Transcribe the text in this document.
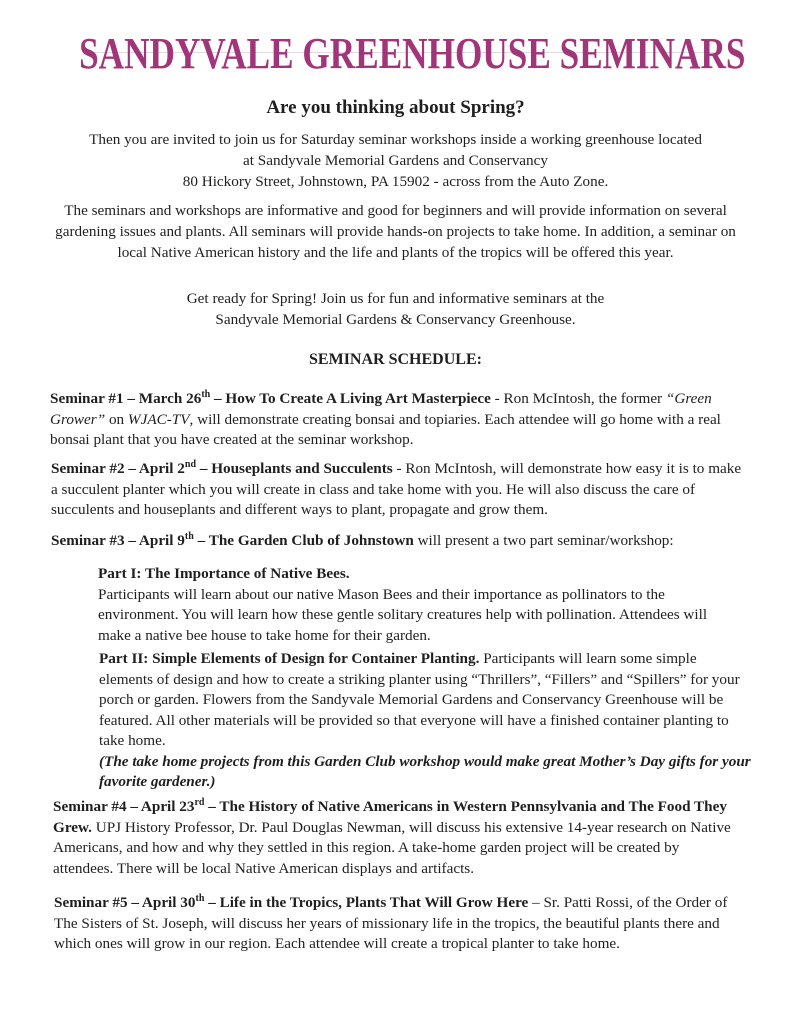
SANDYVALE GREENHOUSE SEMINARS
Are you thinking about Spring?
Then you are invited to join us for Saturday seminar workshops inside a working greenhouse located
at Sandyvale Memorial Gardens and Conservancy
80 Hickory Street, Johnstown, PA 15902 - across from the Auto Zone.
The seminars and workshops are informative and good for beginners and will provide information on several gardening issues and plants. All seminars will provide hands-on projects to take home. In addition, a seminar on local Native American history and the life and plants of the tropics will be offered this year.
Get ready for Spring! Join us for fun and informative seminars at the
Sandyvale Memorial Gardens & Conservancy Greenhouse.
SEMINAR SCHEDULE:
Seminar #1 – March 26th – How To Create A Living Art Masterpiece - Ron McIntosh, the former “Green Grower” on WJAC-TV, will demonstrate creating bonsai and topiaries. Each attendee will go home with a real bonsai plant that you have created at the seminar workshop.
Seminar #2 – April 2nd – Houseplants and Succulents - Ron McIntosh, will demonstrate how easy it is to make a succulent planter which you will create in class and take home with you. He will also discuss the care of succulents and houseplants and different ways to plant, propagate and grow them.
Seminar #3 – April 9th – The Garden Club of Johnstown will present a two part seminar/workshop:
Part I: The Importance of Native Bees.
Participants will learn about our native Mason Bees and their importance as pollinators to the environment. You will learn how these gentle solitary creatures help with pollination. Attendees will make a native bee house to take home for their garden.
Part II: Simple Elements of Design for Container Planting. Participants will learn some simple elements of design and how to create a striking planter using “Thrillers”, “Fillers” and “Spillers” for your porch or garden. Flowers from the Sandyvale Memorial Gardens and Conservancy Greenhouse will be featured. All other materials will be provided so that everyone will have a finished container planting to take home.
(The take home projects from this Garden Club workshop would make great Mother’s Day gifts for your favorite gardener.)
Seminar #4 – April 23rd – The History of Native Americans in Western Pennsylvania and The Food They Grew. UPJ History Professor, Dr. Paul Douglas Newman, will discuss his extensive 14-year research on Native Americans, and how and why they settled in this region. A take-home garden project will be created by attendees. There will be local Native American displays and artifacts.
Seminar #5 – April 30th – Life in the Tropics, Plants That Will Grow Here – Sr. Patti Rossi, of the Order of The Sisters of St. Joseph, will discuss her years of missionary life in the tropics, the beautiful plants there and which ones will grow in our region. Each attendee will create a tropical planter to take home.
